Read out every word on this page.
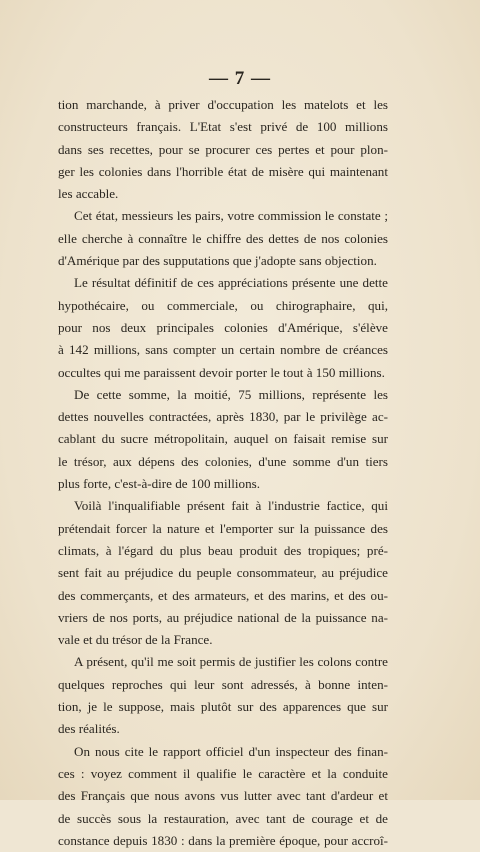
— 7 —
tion marchande, à priver d'occupation les matelots et les
constructeurs français. L'Etat s'est privé de 100 millions
dans ses recettes, pour se procurer ces pertes et pour plon-
ger les colonies dans l'horrible état de misère qui maintenant
les accable.
Cet état, messieurs les pairs, votre commission le constate ;
elle cherche à connaître le chiffre des dettes de nos colonies
d'Amérique par des supputations que j'adopte sans objection.
Le résultat définitif de ces appréciations présente une dette
hypothécaire, ou commerciale, ou chirographaire, qui,
pour nos deux principales colonies d'Amérique, s'élève
à 142 millions, sans compter un certain nombre de créances
occultes qui me paraissent devoir porter le tout à 150 millions.
De cette somme, la moitié, 75 millions, représente les
dettes nouvelles contractées, après 1830, par le privilège ac-
cablant du sucre métropolitain, auquel on faisait remise sur
le trésor, aux dépens des colonies, d'une somme d'un tiers
plus forte, c'est-à-dire de 100 millions.
Voilà l'inqualifiable présent fait à l'industrie factice, qui
prétendait forcer la nature et l'emporter sur la puissance des
climats, à l'égard du plus beau produit des tropiques; pré-
sent fait au préjudice du peuple consommateur, au préjudice
des commerçants, et des armateurs, et des marins, et des ou-
vriers de nos ports, au préjudice national de la puissance na-
vale et du trésor de la France.
A présent, qu'il me soit permis de justifier les colons contre
quelques reproches qui leur sont adressés, à bonne inten-
tion, je le suppose, mais plutôt sur des apparences que sur
des réalités.
On nous cite le rapport officiel d'un inspecteur des finan-
ces : voyez comment il qualifie le caractère et la conduite
des Français que nous avons vus lutter avec tant d'ardeur et
de succès sous la restauration, avec tant de courage et de
constance depuis 1830 : dans la première époque, pour accroî-
